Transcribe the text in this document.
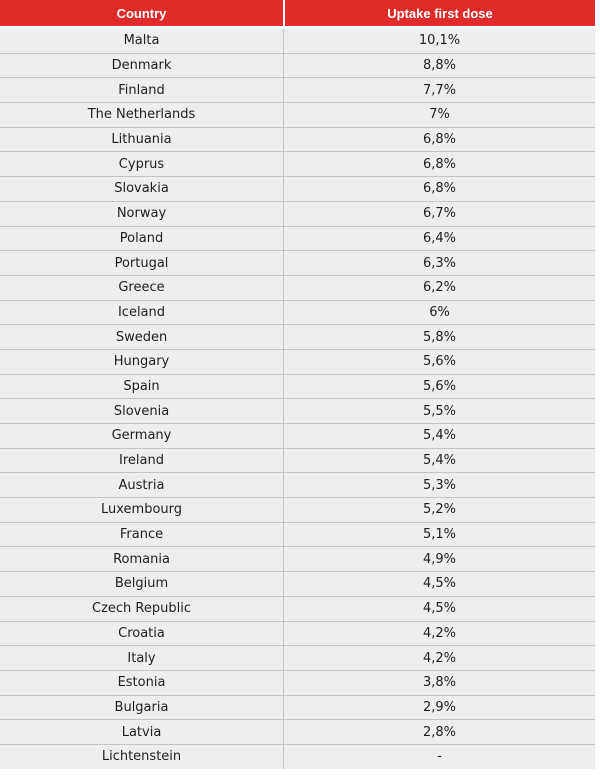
Country	Uptake first dose
Malta	10,1%
Denmark	8,8%
Finland	7,7%
The Netherlands	7%
Lithuania	6,8%
Cyprus	6,8%
Slovakia	6,8%
Norway	6,7%
Poland	6,4%
Portugal	6,3%
Greece	6,2%
Iceland	6%
Sweden	5,8%
Hungary	5,6%
Spain	5,6%
Slovenia	5,5%
Germany	5,4%
Ireland	5,4%
Austria	5,3%
Luxembourg	5,2%
France	5,1%
Romania	4,9%
Belgium	4,5%
Czech Republic	4,5%
Croatia	4,2%
Italy	4,2%
Estonia	3,8%
Bulgaria	2,9%
Latvia	2,8%
Lichtenstein	-
